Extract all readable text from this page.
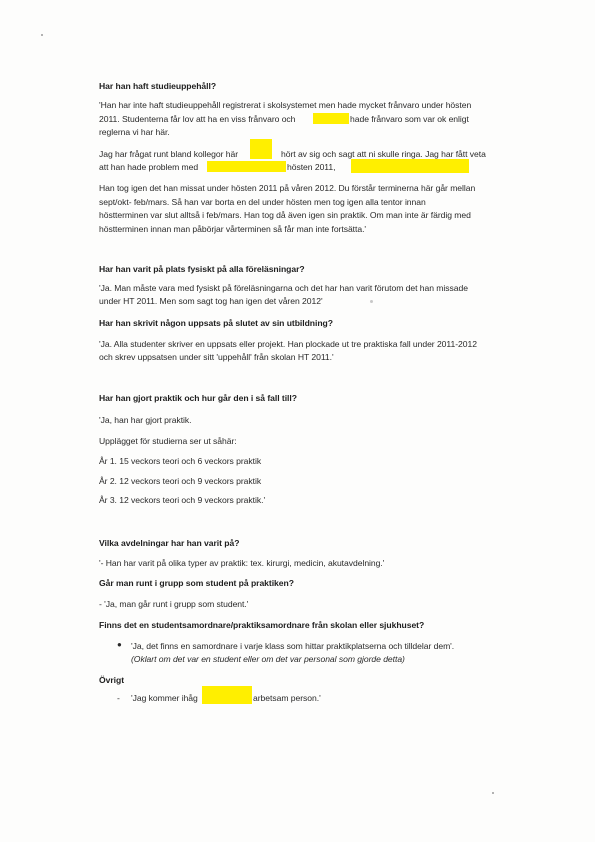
Har han haft studieuppehåll?
'Han har inte haft studieuppehåll registrerat i skolsystemet men hade mycket frånvaro under hösten
2011. Studenterna får lov att ha en viss frånvaro och	hade frånvaro som var ok enligt
reglerna vi har här.
Jag har frågat runt bland kollegor här	hört av sig och sagt att ni skulle ringa. Jag har fått veta
att han hade problem med	hösten 2011,
Han tog igen det han missat under hösten 2011 på våren 2012. Du förstår terminerna här går mellan
sept/okt- feb/mars. Så han var borta en del under hösten men tog igen alla tentor innan
höstterminen var slut alltså i feb/mars. Han tog då även igen sin praktik. Om man inte är färdig med
höstterminen innan man påbörjar vårterminen så får man inte fortsätta.'
Har han varit på plats fysiskt på alla föreläsningar?
'Ja. Man måste vara med fysiskt på föreläsningarna och det har han varit förutom det han missade
under HT 2011. Men som sagt tog han igen det våren 2012'
Har han skrivit någon uppsats på slutet av sin utbildning?
'Ja. Alla studenter skriver en uppsats eller projekt. Han plockade ut tre praktiska fall under 2011-2012
och skrev uppsatsen under sitt 'uppehåll' från skolan HT 2011.'
Har han gjort praktik och hur går den i så fall till?
'Ja, han har gjort praktik.
Upplägget för studierna ser ut såhär:
År 1. 15 veckors teori och 6 veckors praktik
År 2. 12 veckors teori och 9 veckors praktik
År 3. 12 veckors teori och 9 veckors praktik.'
Vilka avdelningar har han varit på?
'- Han har varit på olika typer av praktik: tex. kirurgi, medicin, akutavdelning.'
Går man runt i grupp som student på praktiken?
- 'Ja, man går runt i grupp som student.'
Finns det en studentsamordnare/praktiksamordnare från skolan eller sjukhuset?
● 'Ja, det finns en samordnare i varje klass som hittar praktikplatserna och tilldelar dem'.
(Oklart om det var en student eller om det var personal som gjorde detta)
Övrigt
- 'Jag kommer ihåg	arbetsam person.'
